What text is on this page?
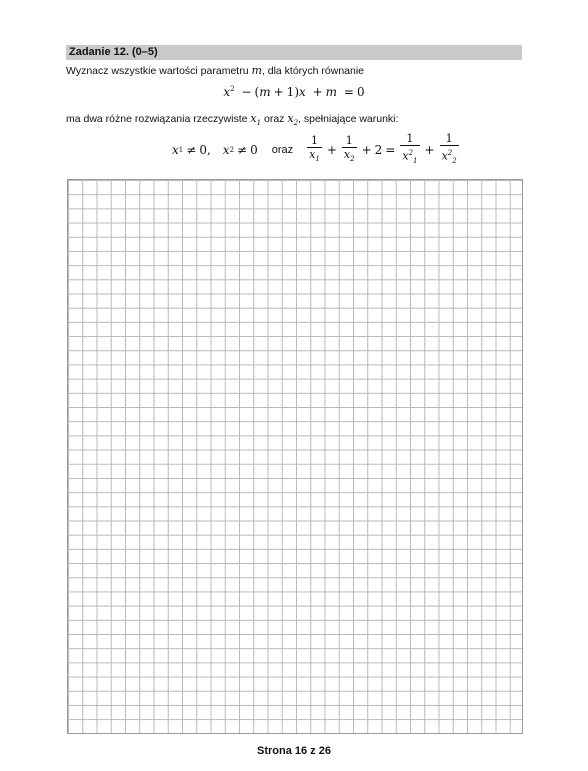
Zadanie 12. (0–5)
Wyznacz wszystkie wartości parametru m, dla których równanie
$x^2 - (m + 1)x + m = 0$
ma dwa różne rozwiązania rzeczywiste $x_1$ oraz $x_2$, spełniające warunki:
x 1 ≠ 0 , x 2 ≠ 0 oraz $\frac{1}{x_1} + \frac{1}{x_2} + 2 = \frac{1}{x^2_1} + \frac{1}{x^2_2}$
Strona 16 z 26
